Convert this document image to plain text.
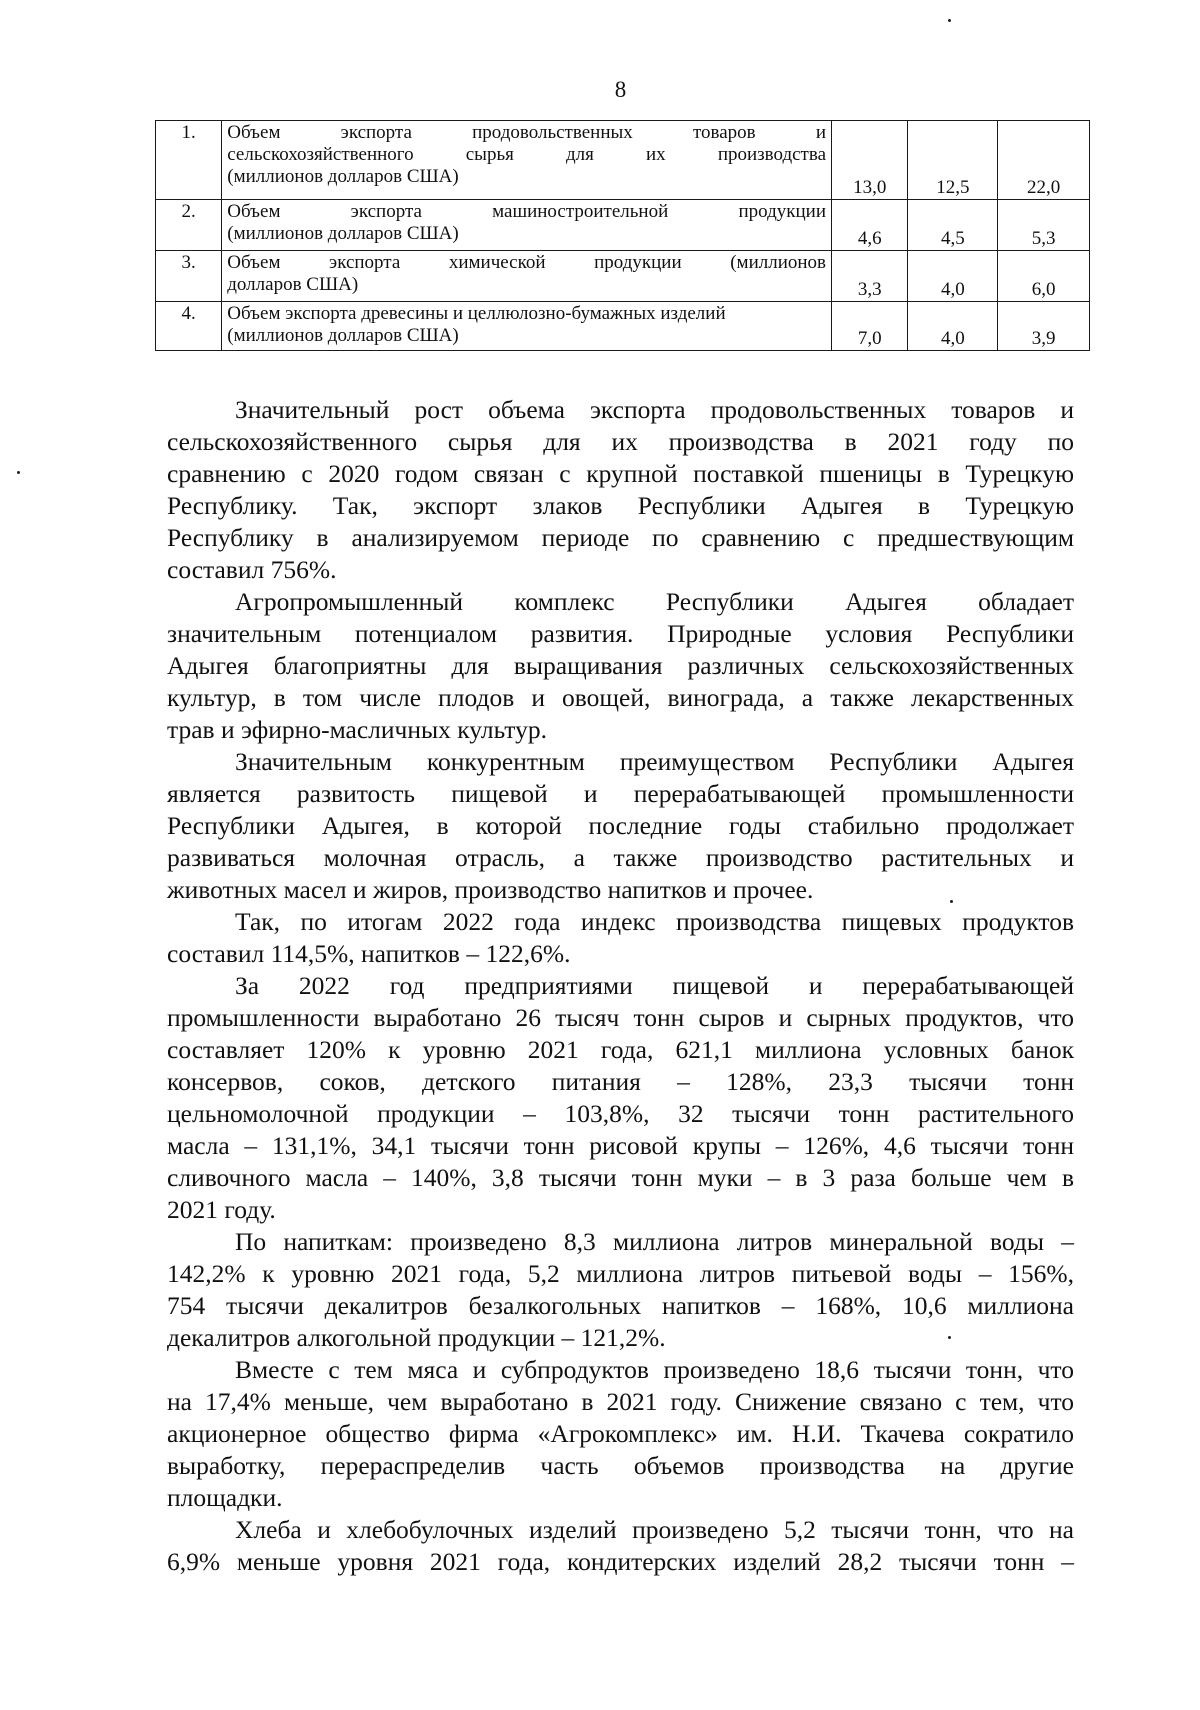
8
1.	Объем экспорта продовольственных товаров и
сельскохозяйственного сырья для их производства
(миллионов долларов США)	13,0	12,5	22,0
2.	Объем экспорта машиностроительной продукции
(миллионов долларов США)	4,6	4,5	5,3
3.	Объем экспорта химической продукции (миллионов
долларов США)	3,3	4,0	6,0
4.	Объем экспорта древесины и целлюлозно-бумажных изделий
(миллионов долларов США)	7,0	4,0	3,9

Значительный рост объема экспорта продовольственных товаров и
сельскохозяйственного сырья для их производства в 2021 году по
сравнению с 2020 годом связан с крупной поставкой пшеницы в Турецкую
Республику. Так, экспорт злаков Республики Адыгея в Турецкую
Республику в анализируемом периоде по сравнению с предшествующим
составил 756%.

Агропромышленный комплекс Республики Адыгея обладает
значительным потенциалом развития. Природные условия Республики
Адыгея благоприятны для выращивания различных сельскохозяйственных
культур, в том числе плодов и овощей, винограда, а также лекарственных
трав и эфирно-масличных культур.

Значительным конкурентным преимуществом Республики Адыгея
является развитость пищевой и перерабатывающей промышленности
Республики Адыгея, в которой последние годы стабильно продолжает
развиваться молочная отрасль, а также производство растительных и
животных масел и жиров, производство напитков и прочее.

Так, по итогам 2022 года индекс производства пищевых продуктов
составил 114,5%, напитков – 122,6%.

За 2022 год предприятиями пищевой и перерабатывающей
промышленности выработано 26 тысяч тонн сыров и сырных продуктов, что
составляет 120% к уровню 2021 года, 621,1 миллиона условных банок
консервов, соков, детского питания – 128%, 23,3 тысячи тонн
цельномолочной продукции – 103,8%, 32 тысячи тонн растительного
масла – 131,1%, 34,1 тысячи тонн рисовой крупы – 126%, 4,6 тысячи тонн
сливочного масла – 140%, 3,8 тысячи тонн муки – в 3 раза больше чем в
2021 году.

По напиткам: произведено 8,3 миллиона литров минеральной воды –
142,2% к уровню 2021 года, 5,2 миллиона литров питьевой воды – 156%,
754 тысячи декалитров безалкогольных напитков – 168%, 10,6 миллиона
декалитров алкогольной продукции – 121,2%.

Вместе с тем мяса и субпродуктов произведено 18,6 тысячи тонн, что
на 17,4% меньше, чем выработано в 2021 году. Снижение связано с тем, что
акционерное общество фирма «Агрокомплекс» им. Н.И. Ткачева сократило
выработку, перераспределив часть объемов производства на другие
площадки.

Хлеба и хлебобулочных изделий произведено 5,2 тысячи тонн, что на
6,9% меньше уровня 2021 года, кондитерских изделий 28,2 тысячи тонн –
